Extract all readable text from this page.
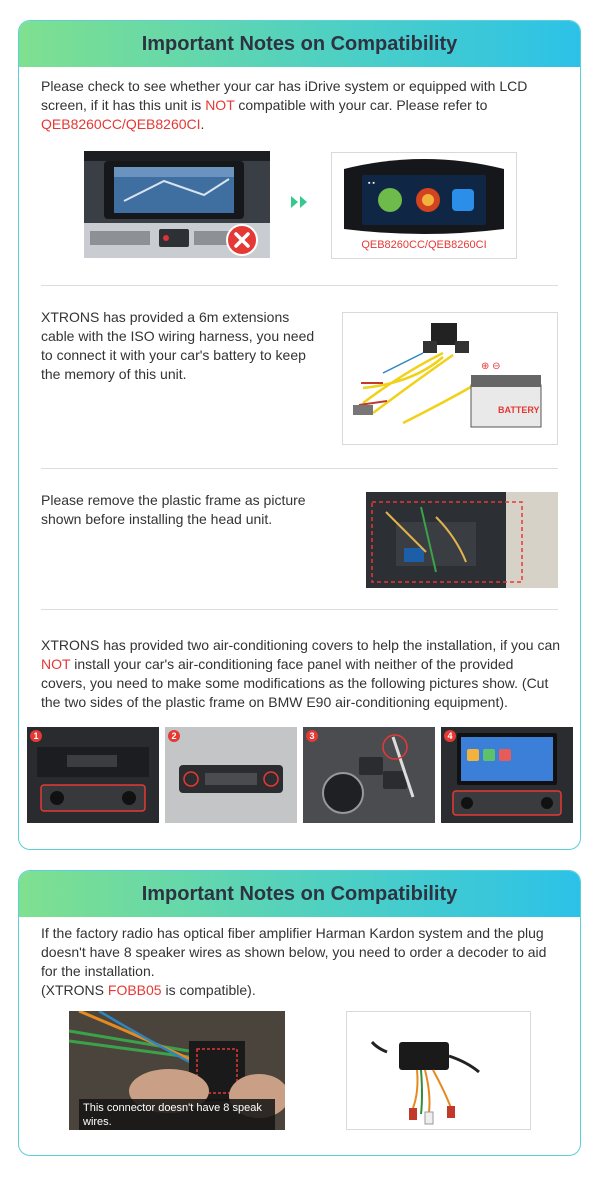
Important Notes on Compatibility
Please check to see whether your car has iDrive system or equipped with LCD screen, if it has this unit is NOT compatible with your car. Please refer to QEB8260CC/QEB8260CI.
▪ ▪
QEB8260CC/QEB8260CI
XTRONS has provided a 6m extensions cable with the ISO wiring harness, you need to connect it with your car's battery to keep the memory of this unit.	⊕ ⊖
BATTERY
Please remove the plastic frame as picture shown before installing the head unit.
XTRONS has provided two air-conditioning covers to help the installation, if you can NOT install your car's air-conditioning face panel with neither of the provided covers, you need to make some modifications as the following pictures show. (Cut the two sides of the plastic frame on BMW E90 air-conditioning equipment).
1	2	3	4
Important Notes on Compatibility
If the factory radio has optical fiber amplifier Harman Kardon system and the plug doesn't have 8 speaker wires as shown below, you need to order a decoder to aid for the installation.
(XTRONS FOBB05 is compatible).
This connector doesn't have 8 speak wires.
